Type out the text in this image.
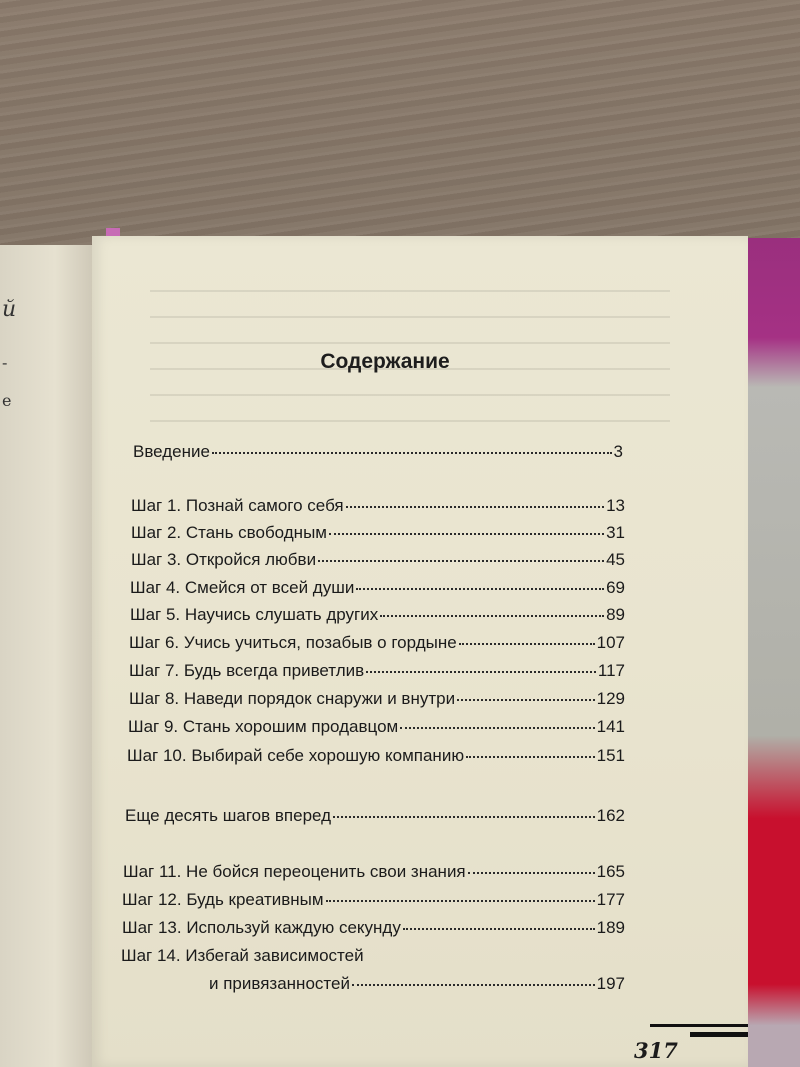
й
-
е
Содержание
Введение	3
Шаг 1. Познай самого себя	13
Шаг 2. Стань свободным	31
Шаг 3. Откройся любви	45
Шаг 4. Смейся от всей души	69
Шаг 5. Научись слушать других	89
Шаг 6. Учись учиться, позабыв о гордыне	107
Шаг 7. Будь всегда приветлив	117
Шаг 8. Наведи порядок снаружи и внутри	129
Шаг 9. Стань хорошим продавцом	141
Шаг 10. Выбирай себе хорошую компанию	151
Еще десять шагов вперед	162
Шаг 11. Не бойся переоценить свои знания	165
Шаг 12. Будь креативным	177
Шаг 13. Используй каждую секунду	189
Шаг 14. Избегай зависимостей
и привязанностей	197
317
